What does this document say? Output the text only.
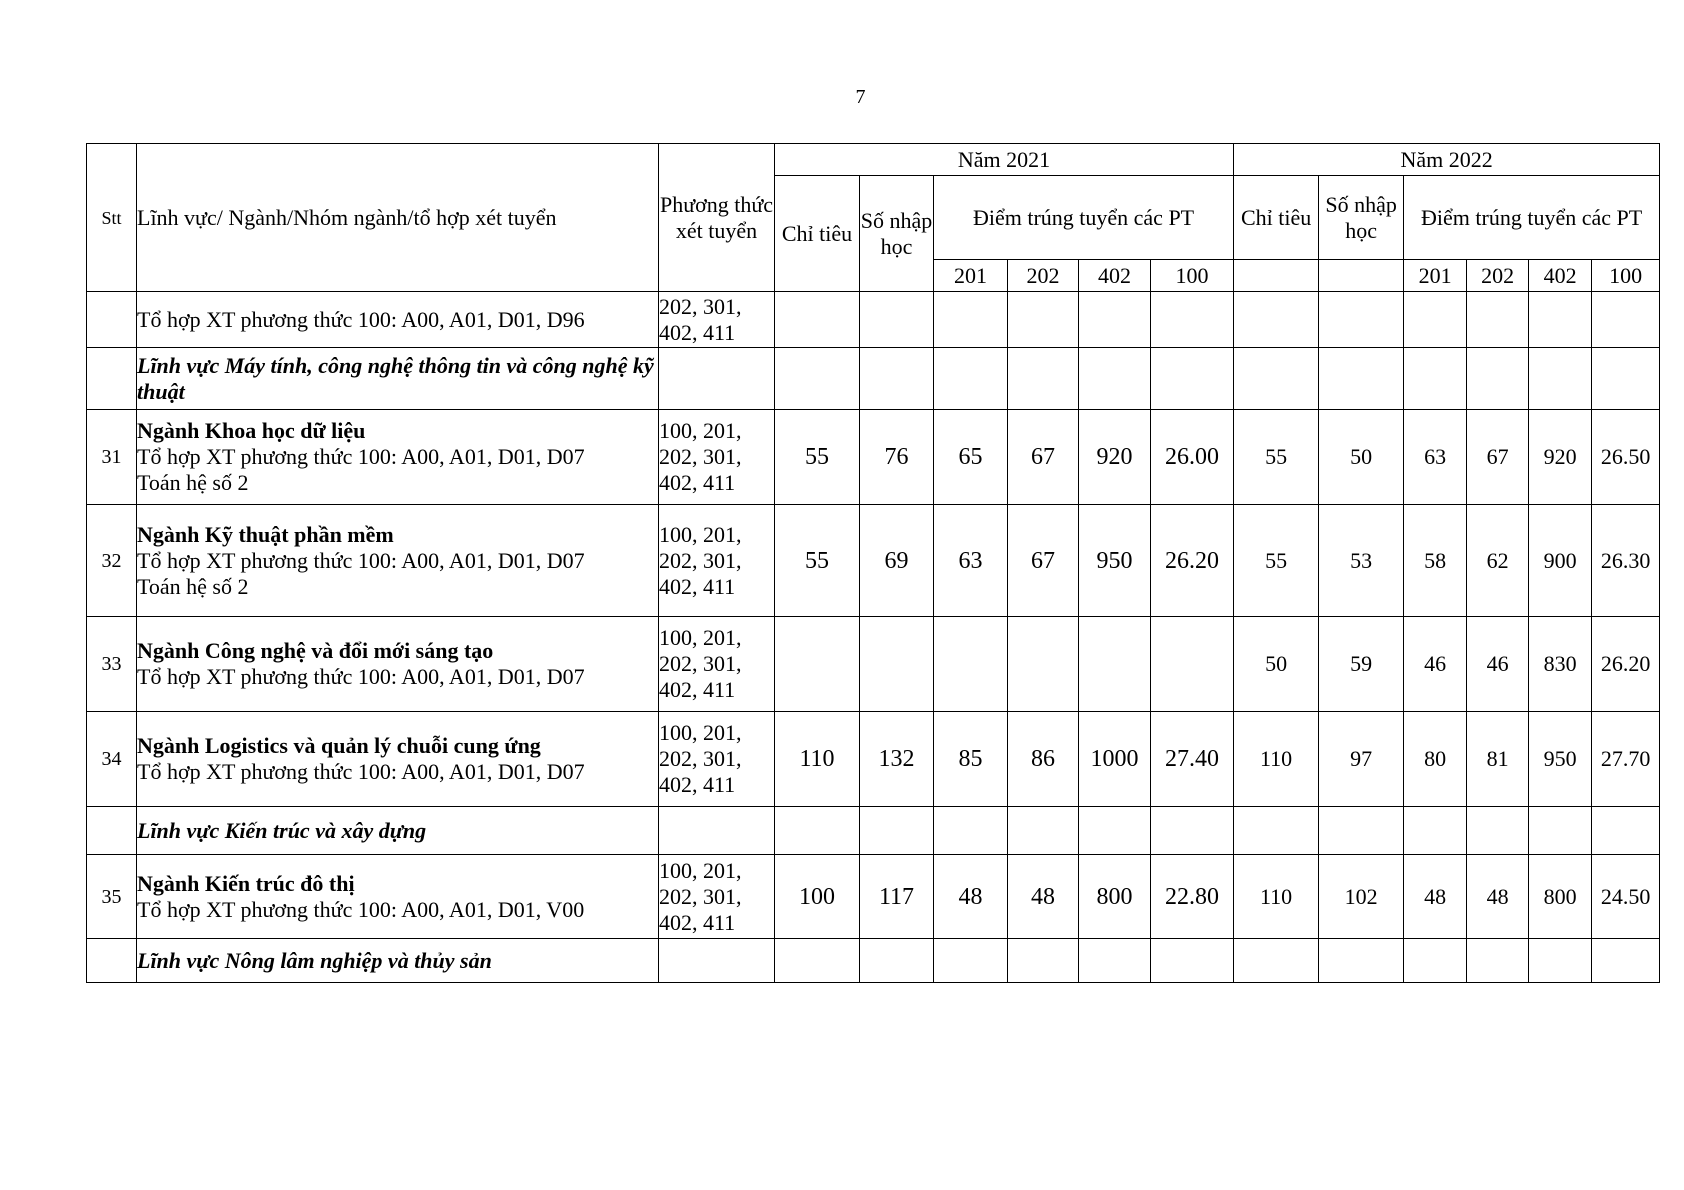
7
Stt	Lĩnh vực/ Ngành/Nhóm ngành/tổ hợp xét tuyển	Phương thức xét tuyển	Năm 2021						Năm 2022					
			Chỉ tiêu	Số nhập học	Điểm trúng tuyển các PT				Chỉ tiêu	Số nhập học	Điểm trúng tuyển các PT			
					201	202	402	100			201	202	402	100

	Tổ hợp XT phương thức 100: A00, A01, D01, D96	202, 301, 402, 411												

	Lĩnh vực Máy tính, công nghệ thông tin và công nghệ kỹ thuật													

31	Ngành Khoa học dữ liệu
Tổ hợp XT phương thức 100: A00, A01, D01, D07
Toán hệ số 2	100, 201, 202, 301, 402, 411	55	76	65	67	920	26.00	55	50	63	67	920	26.50
32	Ngành Kỹ thuật phần mềm
Tổ hợp XT phương thức 100: A00, A01, D01, D07
Toán hệ số 2	100, 201, 202, 301, 402, 411	55	69	63	67	950	26.20	55	53	58	62	900	26.30
33	Ngành Công nghệ và đổi mới sáng tạo
Tổ hợp XT phương thức 100: A00, A01, D01, D07	100, 201, 202, 301, 402, 411							50	59	46	46	830	26.20
34	Ngành Logistics và quản lý chuỗi cung ứng
Tổ hợp XT phương thức 100: A00, A01, D01, D07	100, 201, 202, 301, 402, 411	110	132	85	86	1000	27.40	110	97	80	81	950	27.70

	Lĩnh vực Kiến trúc và xây dựng													

35	Ngành Kiến trúc đô thị
Tổ hợp XT phương thức 100: A00, A01, D01, V00	100, 201, 202, 301, 402, 411	100	117	48	48	800	22.80	110	102	48	48	800	24.50

	Lĩnh vực Nông lâm nghiệp và thủy sản													
